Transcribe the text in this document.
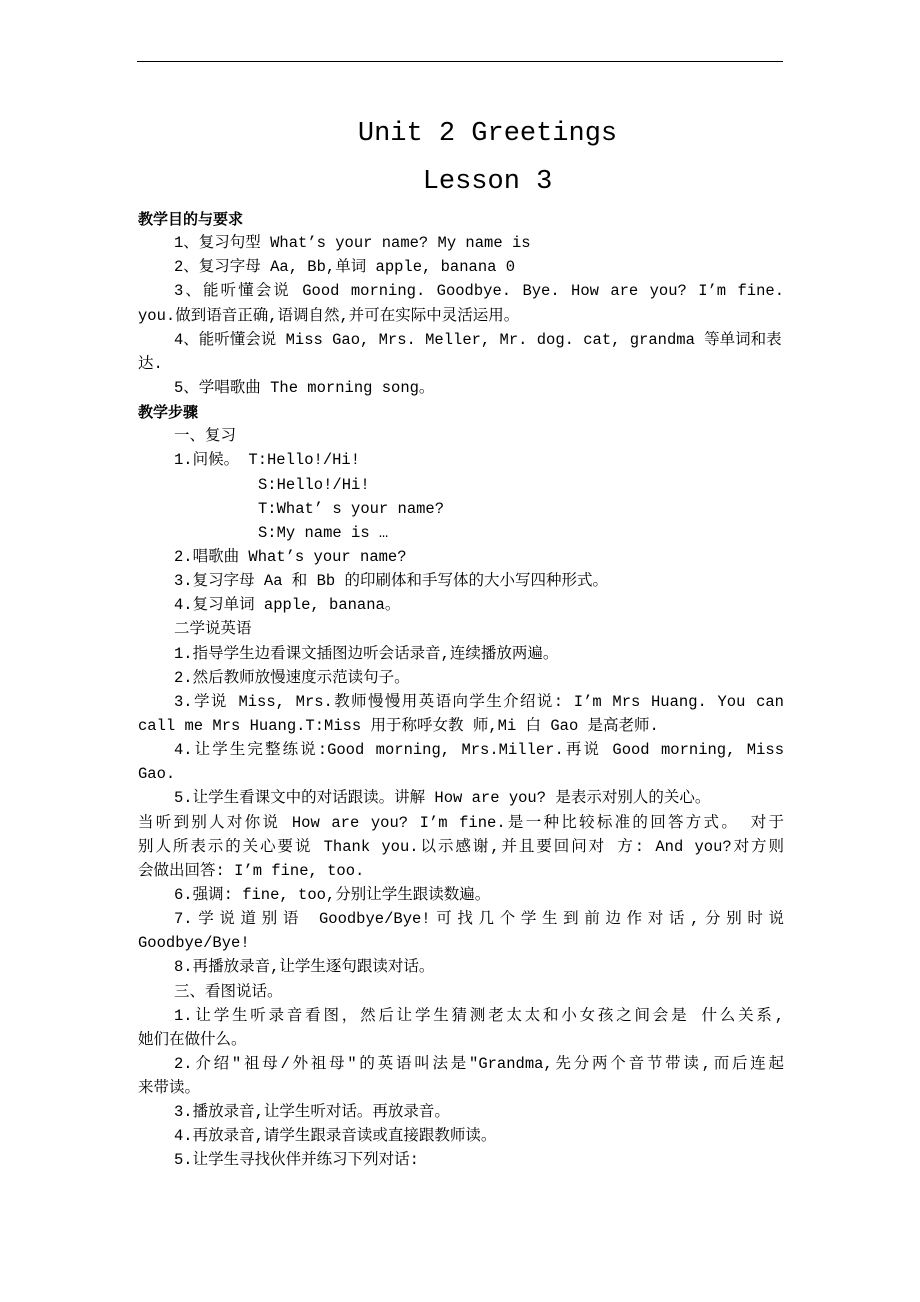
Unit 2 Greetings
Lesson 3
教学目的与要求
1、复习句型 What’s your name? My name is
2、复习字母 Aa, Bb,单词 apple, banana 0
3、能听懂会说 Good morning. Goodbye. Bye. How are you? I’m fine.
you.做到语音正确,语调自然,并可在实际中灵活运用。
4、能听懂会说 Miss Gao, Mrs. Meller, Mr. dog. cat, grandma 等单词和表
达.
5、学唱歌曲 The morning song。
教学步骤
一、复习
1.问候。 T:Hello!/Hi!
S:Hello!/Hi!
T:What’ s your name?
S:My name is …
2.唱歌曲 What’s your name?
3.复习字母 Aa 和 Bb 的印刷体和手写体的大小写四种形式。
4.复习单词 apple, banana。
二学说英语
1.指导学生边看课文插图边听会话录音,连续播放两遍。
2.然后教师放慢速度示范读句子。
3.学说 Miss, Mrs.教师慢慢用英语向学生介绍说: I’m Mrs Huang. You can
call me Mrs Huang.T:Miss 用于称呼女教 师,Mi 白 Gao 是高老师.
4.让学生完整练说:Good morning, Mrs.Miller.再说 Good morning, Miss
Gao.
5.让学生看课文中的对话跟读。讲解 How are you? 是表示对别人的关心。
当听到别人对你说 How are you? I’m fine.是一种比较标准的回答方式。 对于
别人所表示的关心要说 Thank you.以示感谢,并且要回问对 方: And you?对方则
会做出回答: I’m fine, too.
6.强调: fine, too,分别让学生跟读数遍。
7.学说道别语 Goodbye/Bye!可找几个学生到前边作对话,分别时说
Goodbye/Bye!
8.再播放录音,让学生逐句跟读对话。
三、看图说话。
1.让学生听录音看图，然后让学生猜测老太太和小女孩之间会是 什么关系,
她们在做什么。
2.介绍"祖母/外祖母"的英语叫法是"Grandma,先分两个音节带读,而后连起
来带读。
3.播放录音,让学生听对话。再放录音。
4.再放录音,请学生跟录音读或直接跟教师读。
5.让学生寻找伙伴并练习下列对话:
